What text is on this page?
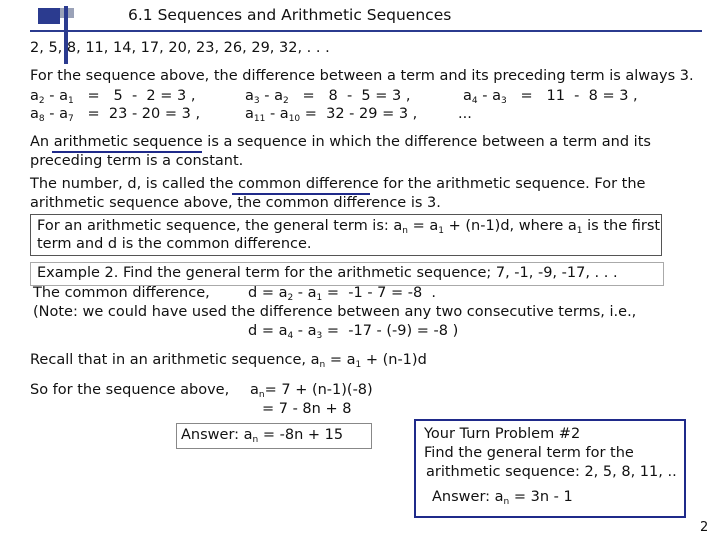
6.1 Sequences and Arithmetic Sequences
2, 5, 8, 11, 14, 17, 20, 23, 26, 29, 32, . . .
For the sequence above, the difference between a term and its preceding term is always 3.
$a_2 - a_1 = 5 - 2 = 3$ ,	$a_3 - a_2 = 8 - 5 = 3$ ,	$a_4 - a_3 = 11 - 8 = 3$ ,
$a_8 - a_7 = 23 - 20 = 3$ ,	$a_{11} - a_{10} = 32 - 29 = 3$ ,	...
An arithmetic sequence is a sequence in which the difference between a term and its
preceding term is a constant.
The number, d, is called the common difference for the arithmetic sequence. For the
arithmetic sequence above, the common difference is 3.
For an arithmetic sequence, the general term is: $a_n = a_1 + (n-1)d$, where $a_1$ is the first
term and d is the common difference.
Example 2. Find the general term for the arithmetic sequence; 7, -1, -9, -17, . . .
The common difference,	$d = a_2 - a_1 = -1 - 7 = -8$  .
(Note: we could have used the difference between any two consecutive terms, i.e.,
$d = a_4 - a_3 = -17 - (-9) = -8$ )
Recall that in an arithmetic sequence, $a_n = a_1 + (n-1)d$
So for the sequence above, $a_n= 7 + (n-1)(-8)$
= 7 - 8n + 8
Answer: $a_n = -8n + 15$	Your Turn Problem #2
Find the general term for the
arithmetic sequence: 2, 5, 8, 11, ..
Answer: $a_n = 3n - 1$
2
